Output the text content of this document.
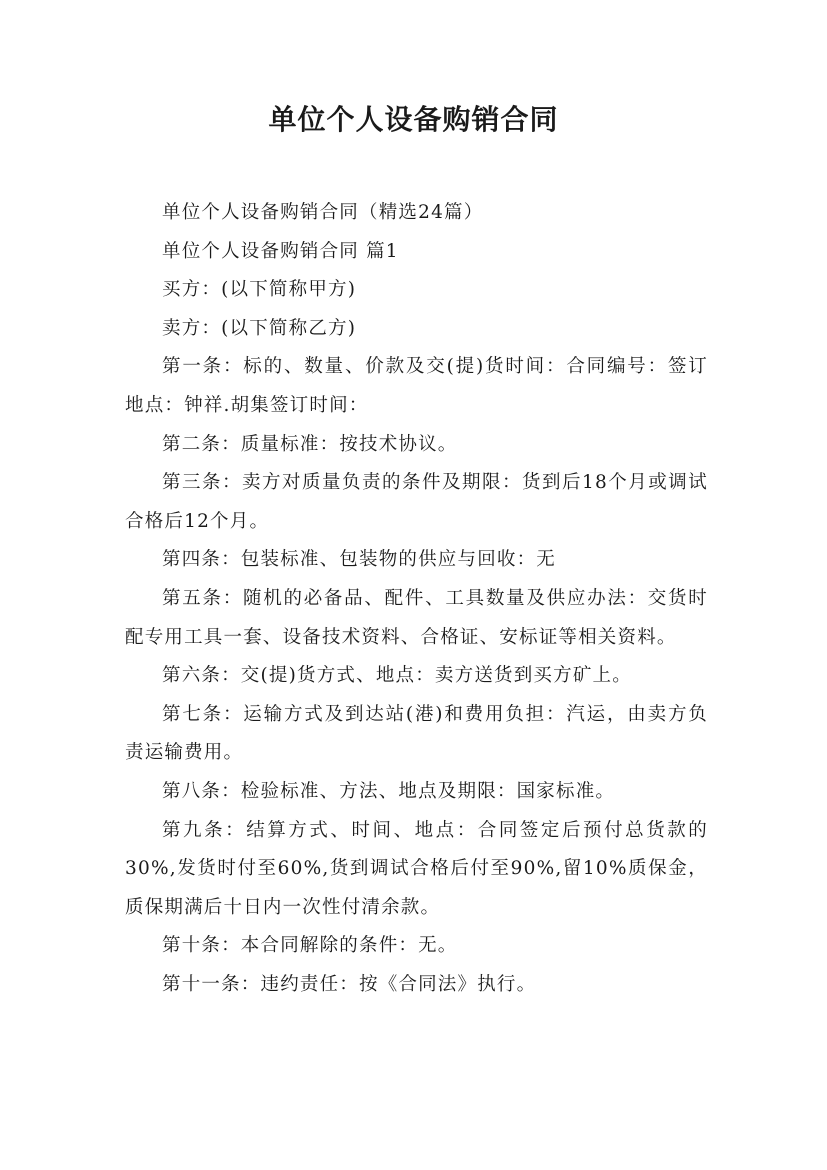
单位个人设备购销合同

单位个人设备购销合同（精选24篇）

单位个人设备购销合同 篇1

买方：(以下简称甲方)

卖方：(以下简称乙方)

第一条：标的、数量、价款及交(提)货时间：合同编号：签订地点：钟祥.胡集签订时间：

第二条：质量标准：按技术协议。

第三条：卖方对质量负责的条件及期限：货到后18个月或调试合格后12个月。

第四条：包装标准、包装物的供应与回收：无

第五条：随机的必备品、配件、工具数量及供应办法：交货时配专用工具一套、设备技术资料、合格证、安标证等相关资料。

第六条：交(提)货方式、地点：卖方送货到买方矿上。

第七条：运输方式及到达站(港)和费用负担：汽运，由卖方负责运输费用。

第八条：检验标准、方法、地点及期限：国家标准。

第九条：结算方式、时间、地点：合同签定后预付总货款的30%,发货时付至60%,货到调试合格后付至90%,留10%质保金，质保期满后十日内一次性付清余款。

第十条：本合同解除的条件：无。

第十一条：违约责任：按《合同法》执行。
